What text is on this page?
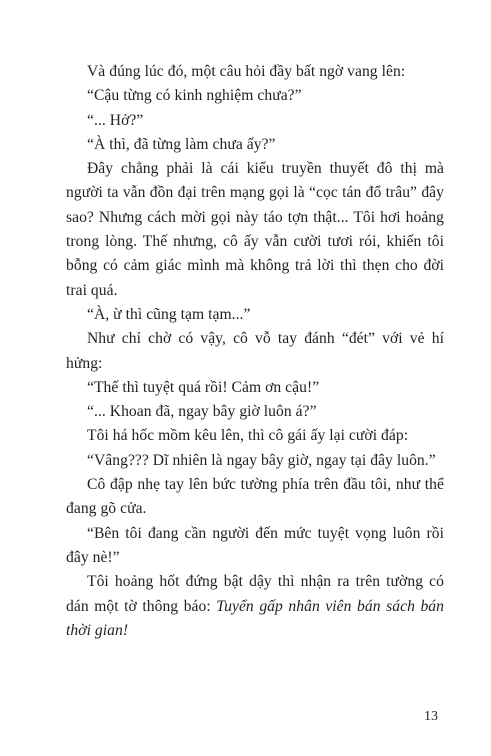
Và đúng lúc đó, một câu hỏi đầy bất ngờ vang lên:

“Cậu từng có kinh nghiệm chưa?”

“... Hở?”

“À thì, đã từng làm chưa ấy?”

Đây chẳng phải là cái kiểu truyền thuyết đô thị mà người ta vẫn đồn đại trên mạng gọi là “cọc tán đổ trâu” đây sao? Nhưng cách mời gọi này táo tợn thật... Tôi hơi hoảng trong lòng. Thế nhưng, cô ấy vẫn cười tươi rói, khiến tôi bỗng có cảm giác mình mà không trả lời thì thẹn cho đời trai quá.

“À, ừ thì cũng tạm tạm...”

Như chỉ chờ có vậy, cô vỗ tay đánh “đét” với vẻ hí hửng:

“Thế thì tuyệt quá rồi! Cảm ơn cậu!”

“... Khoan đã, ngay bây giờ luôn á?”

Tôi há hốc mồm kêu lên, thì cô gái ấy lại cười đáp:

“Vâng??? Dĩ nhiên là ngay bây giờ, ngay tại đây luôn.”

Cô đập nhẹ tay lên bức tường phía trên đầu tôi, như thể đang gõ cửa.

“Bên tôi đang cần người đến mức tuyệt vọng luôn rồi đây nè!”

Tôi hoảng hốt đứng bật dậy thì nhận ra trên tường có dán một tờ thông báo: Tuyển gấp nhân viên bán sách bán thời gian!

13
